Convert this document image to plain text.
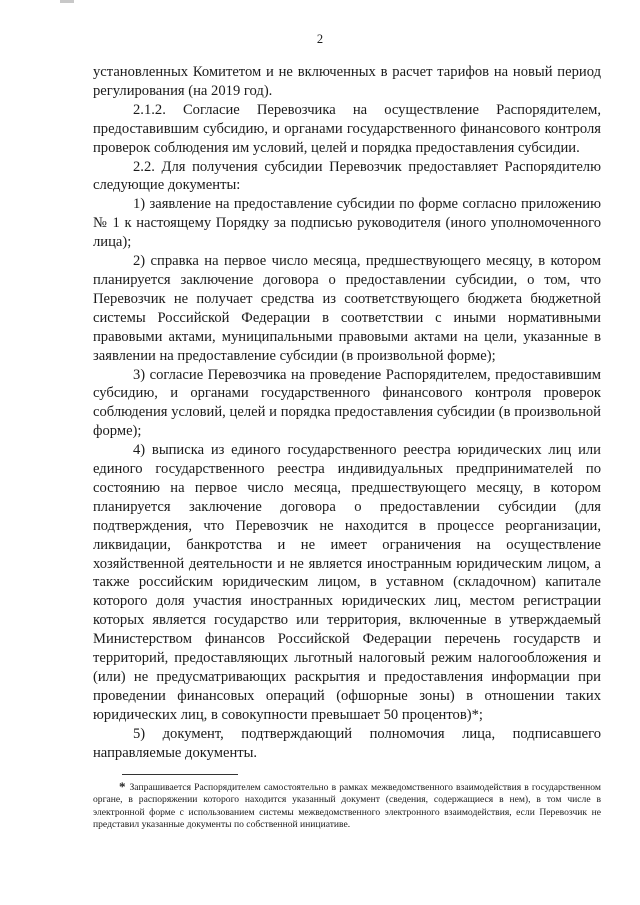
2

установленных Комитетом и не включенных в расчет тарифов на новый период регулирования (на 2019 год).

2.1.2. Согласие Перевозчика на осуществление Распорядителем, предоставившим субсидию, и органами государственного финансового контроля проверок соблюдения им условий, целей и порядка предоставления субсидии.

2.2. Для получения субсидии Перевозчик предоставляет Распорядителю следующие документы:

1) заявление на предоставление субсидии по форме согласно приложению № 1 к настоящему Порядку за подписью руководителя (иного уполномоченного лица);

2) справка на первое число месяца, предшествующего месяцу, в котором планируется заключение договора о предоставлении субсидии, о том, что Перевозчик не получает средства из соответствующего бюджета бюджетной системы Российской Федерации в соответствии с иными нормативными правовыми актами, муниципальными правовыми актами на цели, указанные в заявлении на предоставление субсидии (в произвольной форме);

3) согласие Перевозчика на проведение Распорядителем, предоставившим субсидию, и органами государственного финансового контроля проверок соблюдения условий, целей и порядка предоставления субсидии (в произвольной форме);

4) выписка из единого государственного реестра юридических лиц или единого государственного реестра индивидуальных предпринимателей по состоянию на первое число месяца, предшествующего месяцу, в котором планируется заключение договора о предоставлении субсидии (для подтверждения, что Перевозчик не находится в процессе реорганизации, ликвидации, банкротства и не имеет ограничения на осуществление хозяйственной деятельности и не является иностранным юридическим лицом, а также российским юридическим лицом, в уставном (складочном) капитале которого доля участия иностранных юридических лиц, местом регистрации которых является государство или территория, включенные в утверждаемый Министерством финансов Российской Федерации перечень государств и территорий, предоставляющих льготный налоговый режим налогообложения и (или) не предусматривающих раскрытия и предоставления информации при проведении финансовых операций (офшорные зоны) в отношении таких юридических лиц, в совокупности превышает 50 процентов)*;

5) документ, подтверждающий полномочия лица, подписавшего направляемые документы.

* Запрашивается Распорядителем самостоятельно в рамках межведомственного взаимодействия в государственном органе, в распоряжении которого находится указанный документ (сведения, содержащиеся в нем), в том числе в электронной форме с использованием системы межведомственного электронного взаимодействия, если Перевозчик не представил указанные документы по собственной инициативе.
